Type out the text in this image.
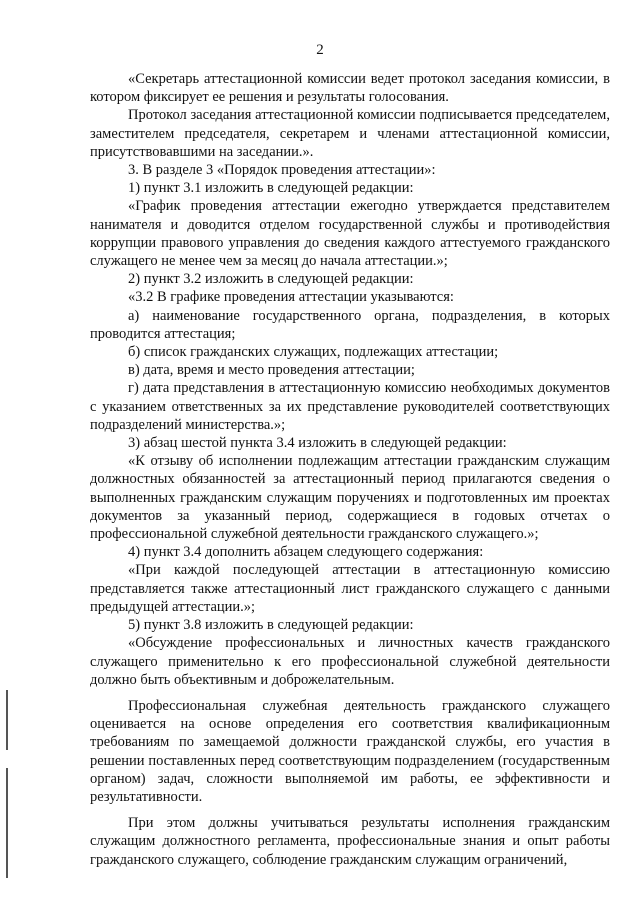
2

«Секретарь аттестационной комиссии ведет протокол заседания комиссии, в котором фиксирует ее решения и результаты голосования.

Протокол заседания аттестационной комиссии подписывается председателем, заместителем председателя, секретарем и членами аттестационной комиссии, присутствовавшими на заседании.».

3. В разделе 3 «Порядок проведения аттестации»:

1) пункт 3.1 изложить в следующей редакции:

«График проведения аттестации ежегодно утверждается представителем нанимателя и доводится отделом государственной службы и противодействия коррупции правового управления до сведения каждого аттестуемого гражданского служащего не менее чем за месяц до начала аттестации.»;

2) пункт 3.2 изложить в следующей редакции:

«3.2 В графике проведения аттестации указываются:

а) наименование государственного органа, подразделения, в которых проводится аттестация;

б) список гражданских служащих, подлежащих аттестации;

в) дата, время и место проведения аттестации;

г) дата представления в аттестационную комиссию необходимых документов с указанием ответственных за их представление руководителей соответствующих подразделений министерства.»;

3) абзац шестой пункта 3.4 изложить в следующей редакции:

«К отзыву об исполнении подлежащим аттестации гражданским служащим должностных обязанностей за аттестационный период прилагаются сведения о выполненных гражданским служащим поручениях и подготовленных им проектах документов за указанный период, содержащиеся в годовых отчетах о профессиональной служебной деятельности гражданского служащего.»;

4) пункт 3.4 дополнить абзацем следующего содержания:

«При каждой последующей аттестации в аттестационную комиссию представляется также аттестационный лист гражданского служащего с данными предыдущей аттестации.»;

5) пункт 3.8 изложить в следующей редакции:

«Обсуждение профессиональных и личностных качеств гражданского служащего применительно к его профессиональной служебной деятельности должно быть объективным и доброжелательным.

Профессиональная служебная деятельность гражданского служащего оценивается на основе определения его соответствия квалификационным требованиям по замещаемой должности гражданской службы, его участия в решении поставленных перед соответствующим подразделением (государственным органом) задач, сложности выполняемой им работы, ее эффективности и результативности.

При этом должны учитываться результаты исполнения гражданским служащим должностного регламента, профессиональные знания и опыт работы гражданского служащего, соблюдение гражданским служащим ограничений,
